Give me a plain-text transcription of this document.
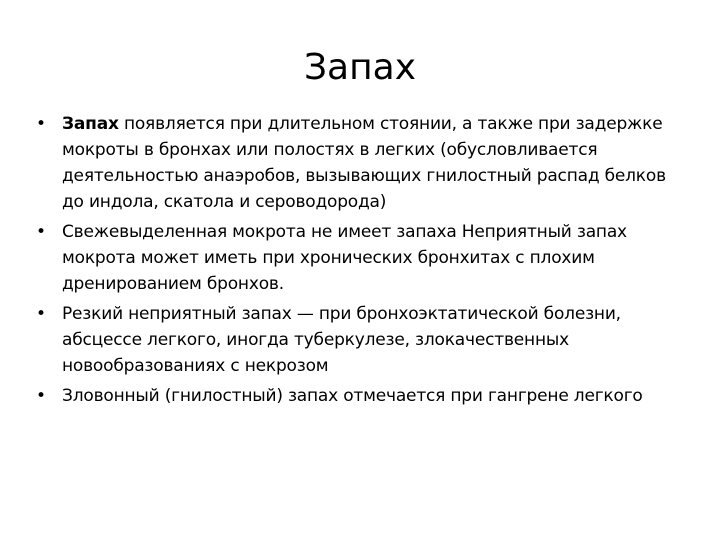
Запах
• Запах появляется при длительном стоянии, а также при задержке мокроты в бронхах или полостях в легких (обусловливается деятельностью анаэробов, вызывающих гнилостный распад белков до индола, скатола и сероводорода)
• Свежевыделенная мокрота не имеет запаха Неприятный запах мокрота может иметь при хронических бронхитах с плохим дренированием бронхов.
• Резкий неприятный запах — при бронхоэктатической болезни, абсцессе легкого, иногда туберкулезе, злокачественных новообразованиях с некрозом
• Зловонный (гнилостный) запах отмечается при гангрене легкого
